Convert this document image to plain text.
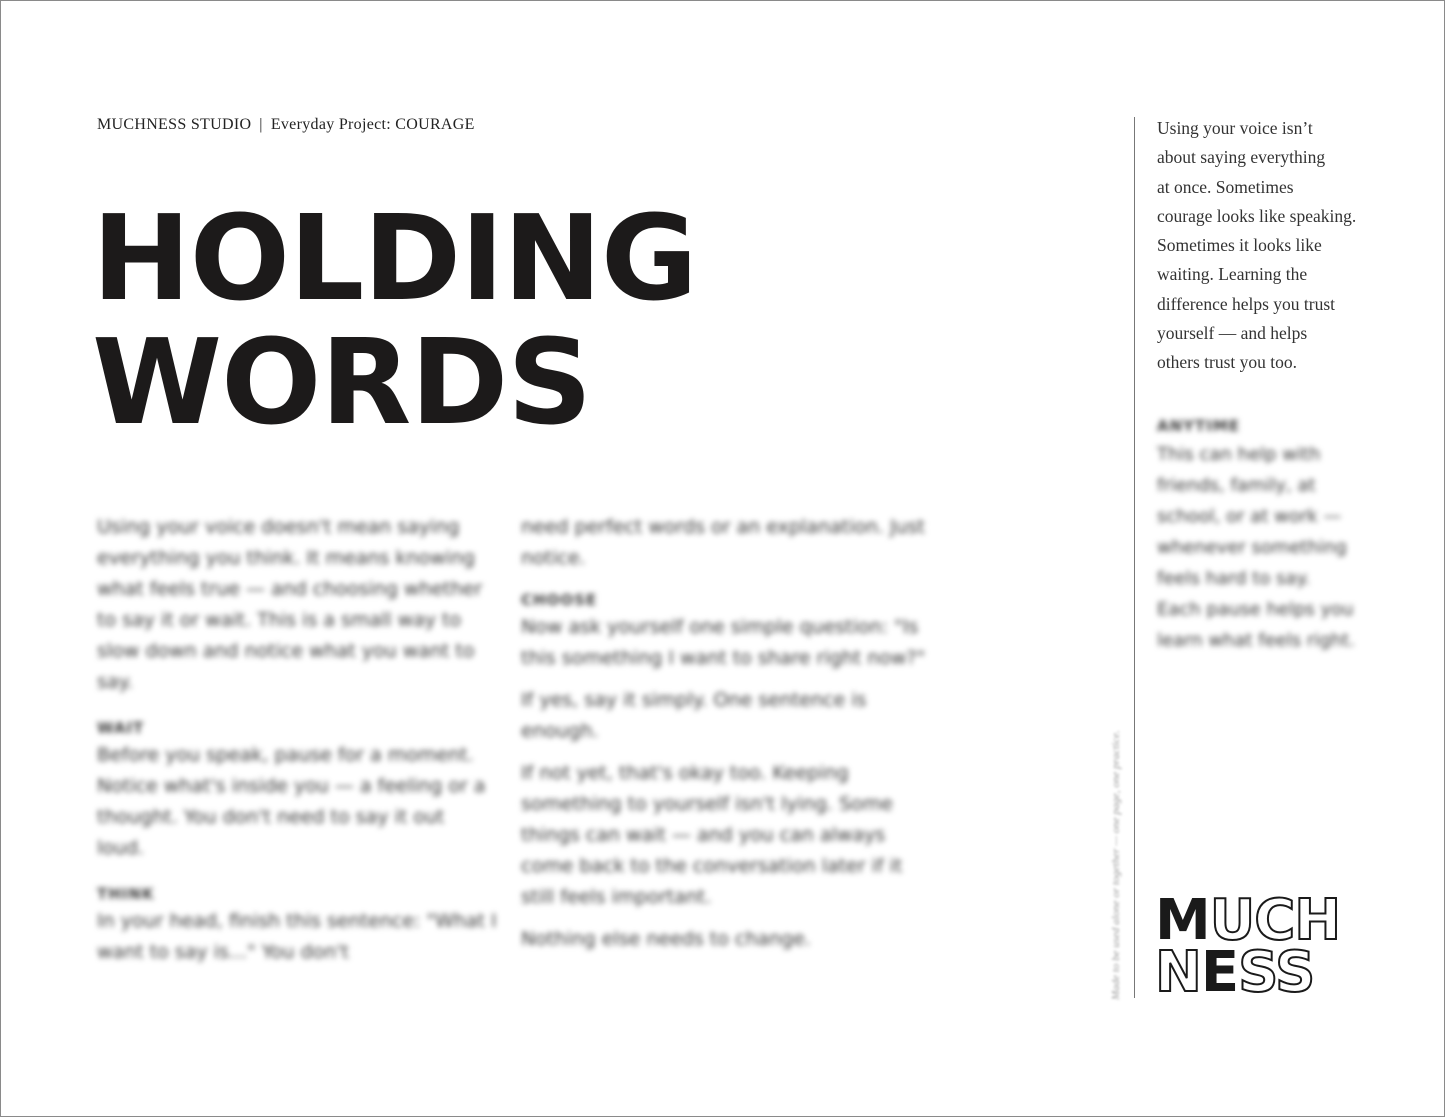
MUCHNESS STUDIO | Everyday Project: COURAGE
HOLDING
WORDS

Using your voice doesn't mean saying everything you think. It means knowing what feels true — and choosing whether to say it or wait. This is a small way to slow down and notice what you want to say.

WAIT

Before you speak, pause for a moment. Notice what's inside you — a feeling or a thought. You don't need to say it out loud.

THINK

In your head, finish this sentence: "What I want to say is..." You don't

need perfect words or an explanation. Just notice.

CHOOSE

Now ask yourself one simple question: "Is this something I want to share right now?"

If yes, say it simply. One sentence is enough.

If not yet, that's okay too. Keeping something to yourself isn't lying. Some things can wait — and you can always come back to the conversation later if it still feels important.

Nothing else needs to change.	Made to be used alone or together — one page, one practice.

Using your voice isn’t
about saying everything
at once. Sometimes
courage looks like speaking.
Sometimes it looks like
waiting. Learning the
difference helps you trust
yourself — and helps
others trust you too.

ANYTIME

This can help with friends, family, at school, or at work — whenever something feels hard to say. Each pause helps you learn what feels right.

MUCH
NESS
